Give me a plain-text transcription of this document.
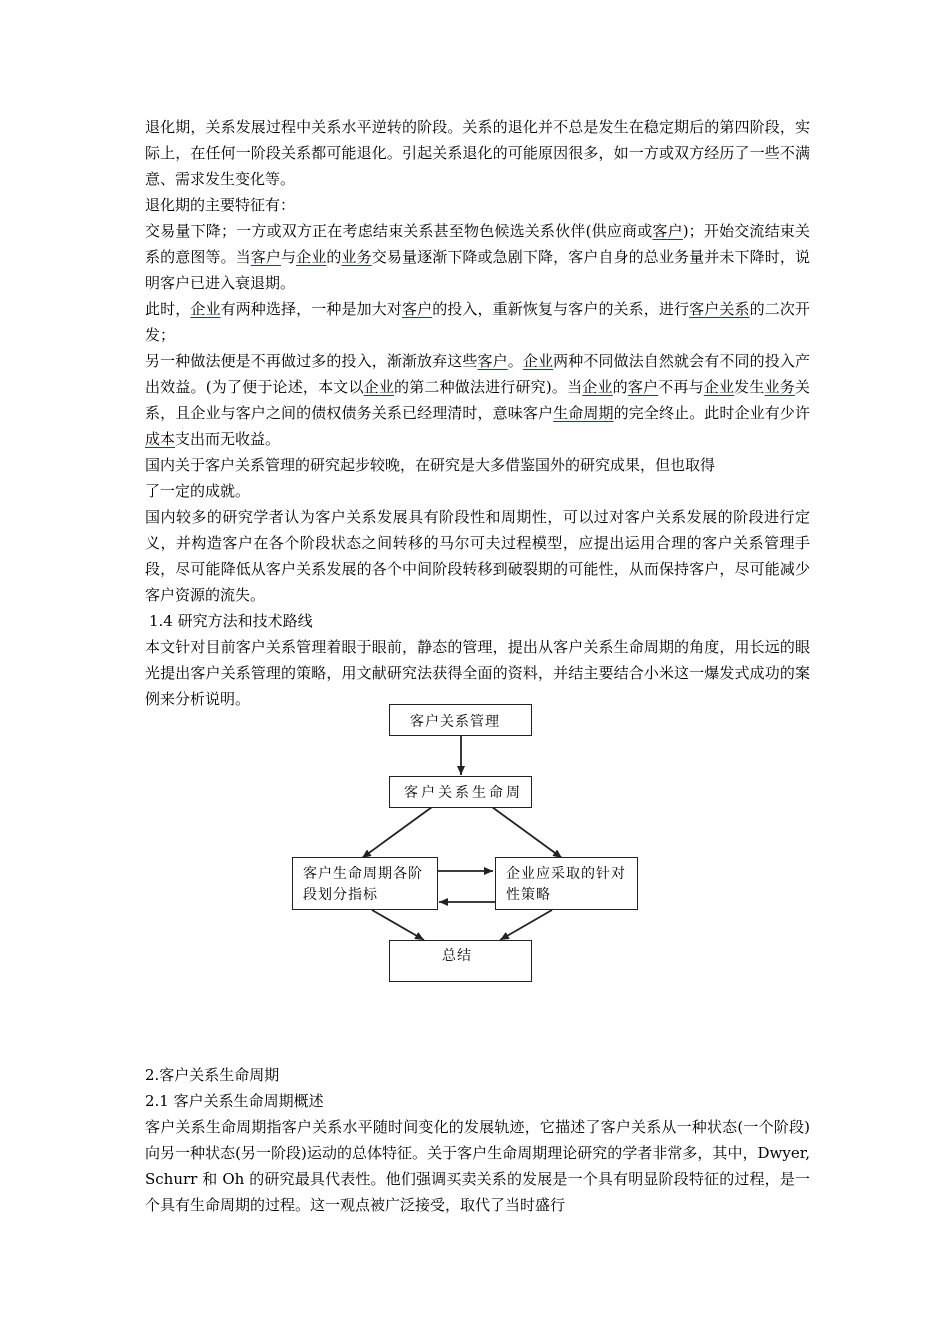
退化期，关系发展过程中关系水平逆转的阶段。关系的退化并不总是发生在稳定期后的第四阶段，实际上，在任何一阶段关系都可能退化。引起关系退化的可能原因很多，如一方或双方经历了一些不满意、需求发生变化等。

退化期的主要特征有：

交易量下降；一方或双方正在考虑结束关系甚至物色候选关系伙伴(供应商或客户)；开始交流结束关系的意图等。当客户与企业的业务交易量逐渐下降或急剧下降，客户自身的总业务量并未下降时，说明客户已进入衰退期。

此时，企业有两种选择，一种是加大对客户的投入，重新恢复与客户的关系，进行客户关系的二次开发；

另一种做法便是不再做过多的投入，渐渐放弃这些客户。企业两种不同做法自然就会有不同的投入产出效益。(为了便于论述，本文以企业的第二种做法进行研究)。当企业的客户不再与企业发生业务关系，且企业与客户之间的债权债务关系已经理清时，意味客户生命周期的完全终止。此时企业有少许成本支出而无收益。

国内关于客户关系管理的研究起步较晚，在研究是大多借鉴国外的研究成果，但也取得

了一定的成就。

国内较多的研究学者认为客户关系发展具有阶段性和周期性，可以过对客户关系发展的阶段进行定义，并构造客户在各个阶段状态之间转移的马尔可夫过程模型，应提出运用合理的客户关系管理手段，尽可能降低从客户关系发展的各个中间阶段转移到破裂期的可能性，从而保持客户，尽可能减少客户资源的流失。

1.4 研究方法和技术路线

本文针对目前客户关系管理着眼于眼前，静态的管理，提出从客户关系生命周期的角度，用长远的眼光提出客户关系管理的策略，用文献研究法获得全面的资料，并结主要结合小米这一爆发式成功的案例来分析说明。

客户关系管理
客户关系生命周
客户生命周期各阶
段划分指标
企业应采取的针对
性策略
总结

2.客户关系生命周期

2.1 客户关系生命周期概述

客户关系生命周期指客户关系水平随时间变化的发展轨迹，它描述了客户关系从一种状态(一个阶段)向另一种状态(另一阶段)运动的总体特征。关于客户生命周期理论研究的学者非常多，其中，Dwyer, Schurr 和 Oh 的研究最具代表性。他们强调买卖关系的发展是一个具有明显阶段特征的过程，是一个具有生命周期的过程。这一观点被广泛接受，取代了当时盛行
